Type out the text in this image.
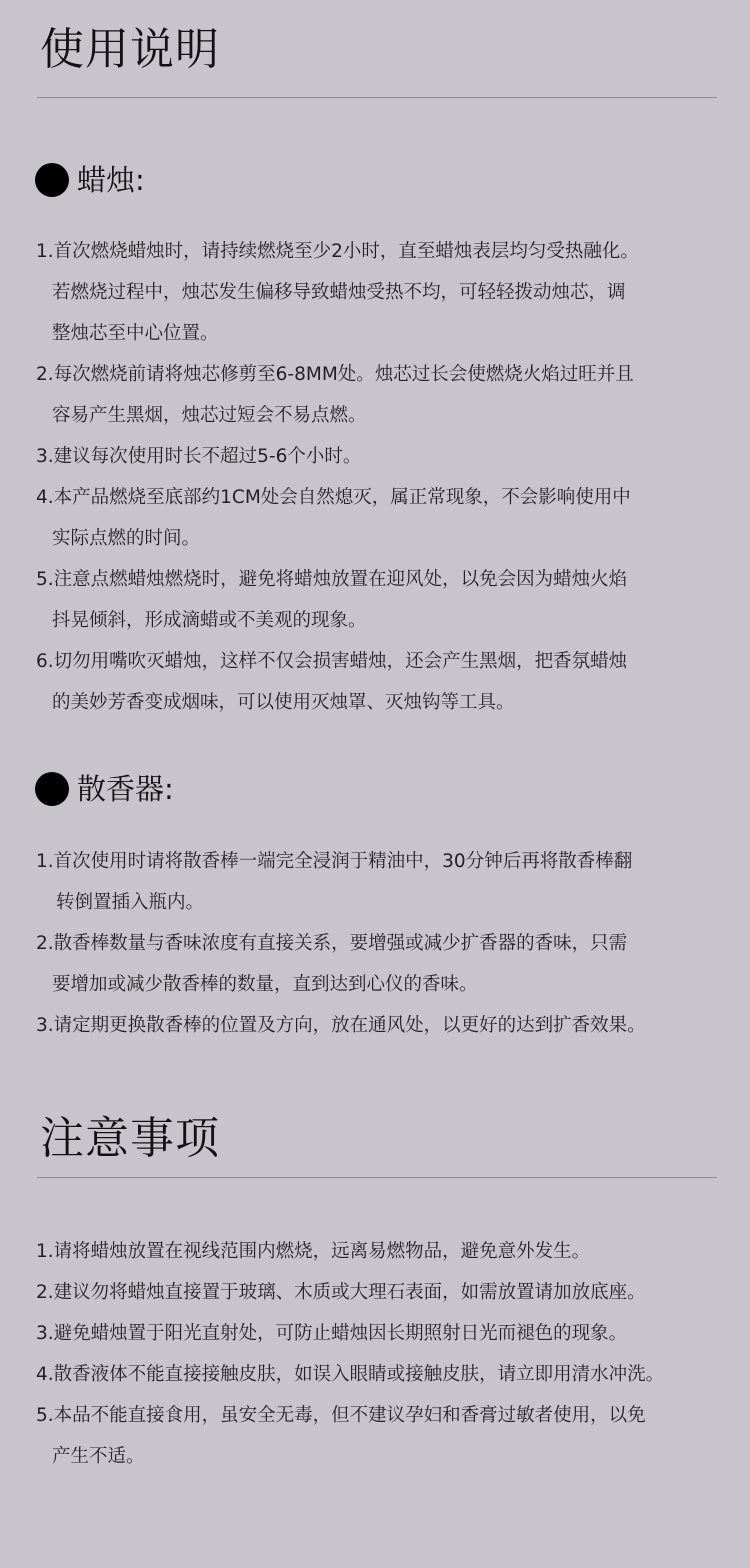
使用说明
蜡烛:
1.首次燃烧蜡烛时，请持续燃烧至少2小时，直至蜡烛表层均匀受热融化。
若燃烧过程中，烛芯发生偏移导致蜡烛受热不均，可轻轻拨动烛芯，调
整烛芯至中心位置。
2.每次燃烧前请将烛芯修剪至6-8MM处。烛芯过长会使燃烧火焰过旺并且
容易产生黑烟，烛芯过短会不易点燃。
3.建议每次使用时长不超过5-6个小时。
4.本产品燃烧至底部约1CM处会自然熄灭，属正常现象，不会影响使用中
实际点燃的时间。
5.注意点燃蜡烛燃烧时，避免将蜡烛放置在迎风处，以免会因为蜡烛火焰
抖晃倾斜，形成滴蜡或不美观的现象。
6.切勿用嘴吹灭蜡烛，这样不仅会损害蜡烛，还会产生黑烟，把香氛蜡烛
的美妙芳香变成烟味，可以使用灭烛罩、灭烛钩等工具。
散香器:
1.首次使用时请将散香棒一端完全浸润于精油中，30分钟后再将散香棒翻
转倒置插入瓶内。
2.散香棒数量与香味浓度有直接关系，要增强或减少扩香器的香味，只需
要增加或减少散香棒的数量，直到达到心仪的香味。
3.请定期更换散香棒的位置及方向，放在通风处，以更好的达到扩香效果。
注意事项
1.请将蜡烛放置在视线范围内燃烧，远离易燃物品，避免意外发生。
2.建议勿将蜡烛直接置于玻璃、木质或大理石表面，如需放置请加放底座。
3.避免蜡烛置于阳光直射处，可防止蜡烛因长期照射日光而褪色的现象。
4.散香液体不能直接接触皮肤，如误入眼睛或接触皮肤，请立即用清水冲洗。
5.本品不能直接食用，虽安全无毒，但不建议孕妇和香膏过敏者使用，以免
产生不适。
